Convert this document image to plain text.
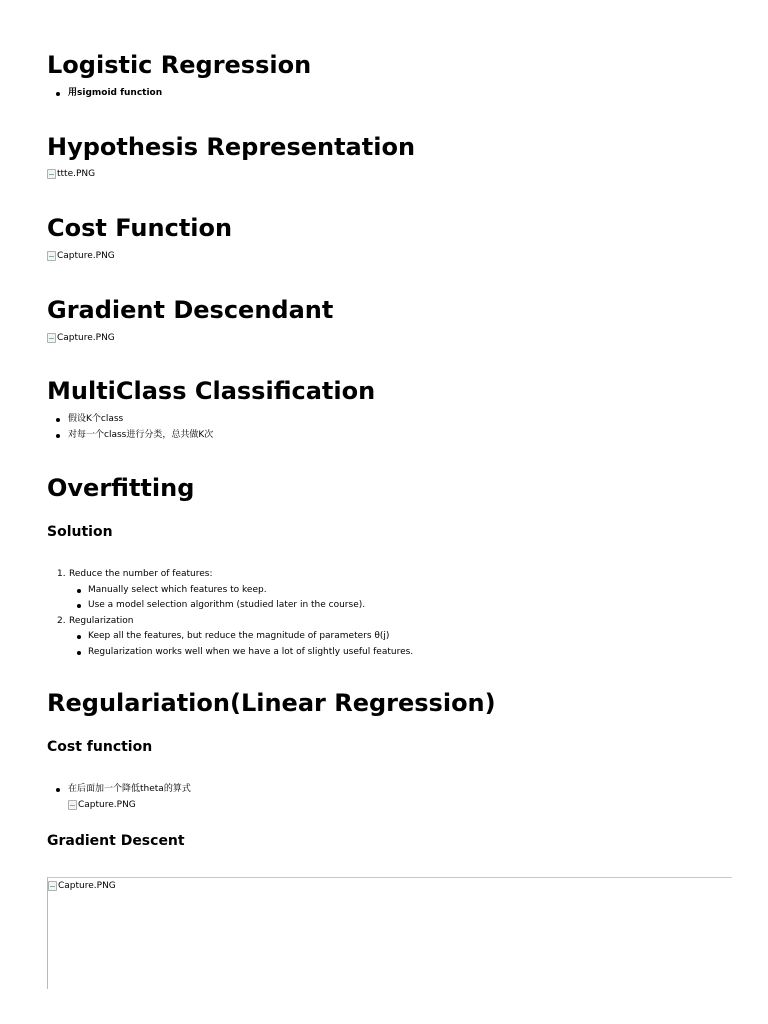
Logistic Regression
用sigmoid function
Hypothesis Representation
ttte.PNG
Cost Function
Capture.PNG
Gradient Descendant
Capture.PNG
MultiClass Classification
假设K个class
对每一个class进行分类，总共做K次
Overfitting
Solution
1. Reduce the number of features:
Manually select which features to keep.
Use a model selection algorithm (studied later in the course).
2. Regularization
Keep all the features, but reduce the magnitude of parameters θ(j)
Regularization works well when we have a lot of slightly useful features.
Regulariation(Linear Regression)
Cost function
在后面加一个降低theta的算式
Capture.PNG
Gradient Descent
Capture.PNG
